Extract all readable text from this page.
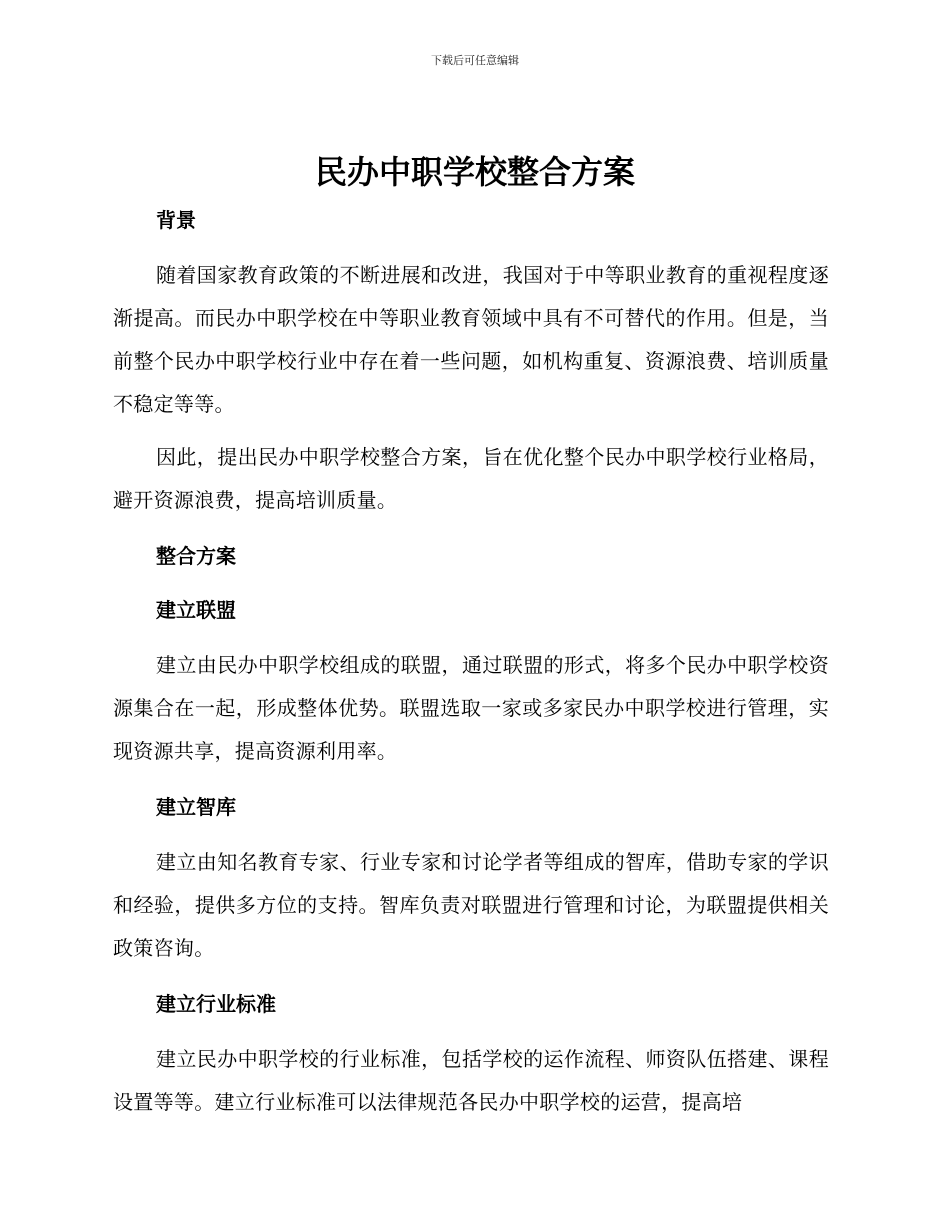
下载后可任意编辑
民办中职学校整合方案

背景

随着国家教育政策的不断进展和改进，我国对于中等职业教育的重视程度逐渐提高。而民办中职学校在中等职业教育领域中具有不可替代的作用。但是，当前整个民办中职学校行业中存在着一些问题，如机构重复、资源浪费、培训质量不稳定等等。

因此，提出民办中职学校整合方案，旨在优化整个民办中职学校行业格局，避开资源浪费，提高培训质量。

整合方案

建立联盟

建立由民办中职学校组成的联盟，通过联盟的形式，将多个民办中职学校资源集合在一起，形成整体优势。联盟选取一家或多家民办中职学校进行管理，实现资源共享，提高资源利用率。

建立智库

建立由知名教育专家、行业专家和讨论学者等组成的智库，借助专家的学识和经验，提供多方位的支持。智库负责对联盟进行管理和讨论，为联盟提供相关政策咨询。

建立行业标准

建立民办中职学校的行业标准，包括学校的运作流程、师资队伍搭建、课程设置等等。建立行业标准可以法律规范各民办中职学校的运营，提高培
